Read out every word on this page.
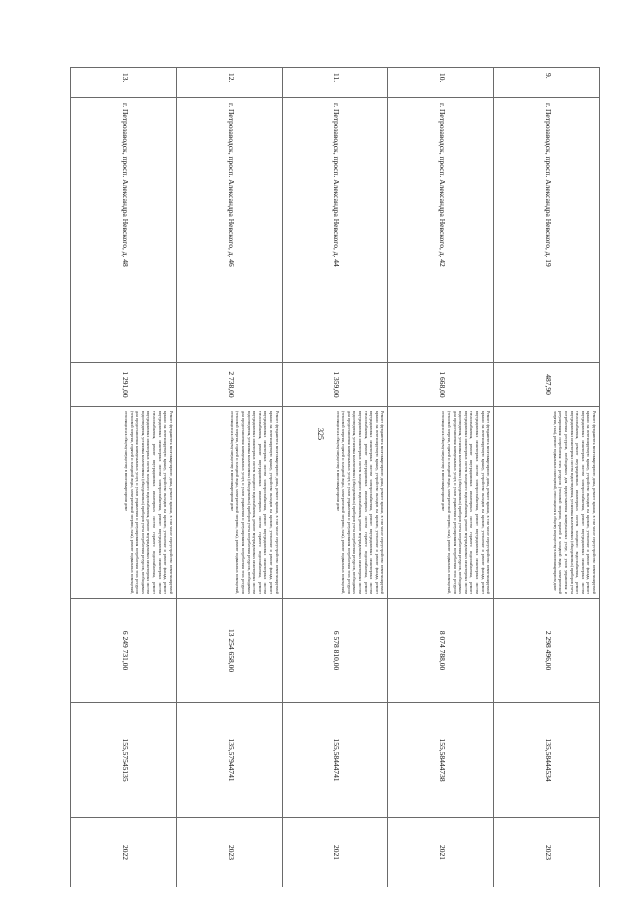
325
9.	г. Петрозаводск, просп. Александра Невского, д. 19	487,90	Ремонт фундамента многоквартирного дома, ремонт крыши, в том числе переустройство невентилируемой крыши на вентилируемую крышу, устройство выходов на кровлю, утепление и ремонт фасада, ремонт внутридомовых инженерных систем электроснабжения, ремонт внутридомовых инженерных систем теплоснабжения, ремонт внутридомовых инженерных систем холодного водоснабжения, ремонт внутридомовых инженерных систем водоотведения, установка коллективных (общедомовых) приборов учета потребления ресурсов, необходимых для предоставления коммунальных услуг, и узлов управления и регулирования потребления этих ресурсов (тепловой энергии, горячей и холодной воды, электрической энергии, газа), ремонт подвальных помещений, относящихся к общему имуществу в многоквартирном доме	2 298 496,00	135,58444534	2023

10.	г. Петрозаводск, просп. Александра Невского, д. 42	1 668,00	Ремонт фундамента многоквартирного дома, ремонт крыши, в том числе переустройство невентилируемой крыши на вентилируемую крышу, устройство выходов на кровлю, утепление и ремонт фасада, ремонт внутридомовых инженерных систем электроснабжения, ремонт внутридомовых инженерных систем теплоснабжения, ремонт внутридомовых инженерных систем горячего водоснабжения, ремонт внутридомовых инженерных систем холодного водоснабжения, ремонт внутридомовых инженерных систем водоотведения, установка коллективных (общедомовых) приборов учета потребления ресурсов, необходимых для предоставления коммунальных услуг, и узлов управления и регулирования потребления этих ресурсов (тепловой энергии, горячей и холодной воды, электрической энергии, газа), ремонт подвальных помещений, относящихся к общему имуществу в многоквартирном доме	8 074 788,00	155,58444738	2021

11.	г. Петрозаводск, просп. Александра Невского, д. 44	1 359,00	Ремонт фундамента многоквартирного дома, ремонт крыши, в том числе переустройство невентилируемой крыши на вентилируемую крышу, устройство выходов на кровлю, утепление и ремонт фасада, ремонт внутридомовых инженерных систем электроснабжения, ремонт внутридомовых инженерных систем теплоснабжения, ремонт внутридомовых инженерных систем горячего водоснабжения, ремонт внутридомовых инженерных систем холодного водоснабжения, ремонт внутридомовых инженерных систем водоотведения, установка коллективных (общедомовых) приборов учета потребления ресурсов, необходимых для предоставления коммунальных услуг, и узлов управления и регулирования потребления этих ресурсов (тепловой энергии, горячей и холодной воды, электрической энергии, газа), ремонт подвальных помещений, относящихся к общему имуществу в многоквартирном доме	6 578 810,00	155,58444741	2021

12.	г. Петрозаводск, просп. Александра Невского, д. 46	2 738,00	Ремонт фундамента многоквартирного дома, ремонт крыши, в том числе переустройство невентилируемой крыши на вентилируемую крышу, устройство выходов на кровлю, утепление и ремонт фасада, ремонт внутридомовых инженерных систем электроснабжения, ремонт внутридомовых инженерных систем теплоснабжения, ремонт внутридомовых инженерных систем горячего водоснабжения, ремонт внутридомовых инженерных систем холодного водоснабжения, ремонт внутридомовых инженерных систем водоотведения, установка коллективных (общедомовых) приборов учета потребления ресурсов, необходимых для предоставления коммунальных услуг, и узлов управления и регулирования потребления этих ресурсов (тепловой энергии, горячей и холодной воды, электрической энергии, газа), ремонт подвальных помещений, относящихся к общему имуществу в многоквартирном доме	13 254 658,00	135,57944741	2023

13.	г. Петрозаводск, просп. Александра Невского, д. 48	1 291,00	Ремонт фундамента многоквартирного дома, ремонт крыши, в том числе переустройство невентилируемой крыши на вентилируемую крышу, устройство выходов на кровлю, утепление и ремонт фасада, ремонт внутридомовых инженерных систем электроснабжения, ремонт внутридомовых инженерных систем теплоснабжения, ремонт внутридомовых инженерных систем горячего водоснабжения, ремонт внутридомовых инженерных систем холодного водоснабжения, ремонт внутридомовых инженерных систем водоотведения, установка коллективных (общедомовых) приборов учета потребления ресурсов, необходимых для предоставления коммунальных услуг, и узлов управления и регулирования потребления этих ресурсов (тепловой энергии, горячей и холодной воды, электрической энергии, газа), ремонт подвальных помещений, относящихся к общему имуществу в многоквартирном доме	6 249 731,00	155,57545135	2022
